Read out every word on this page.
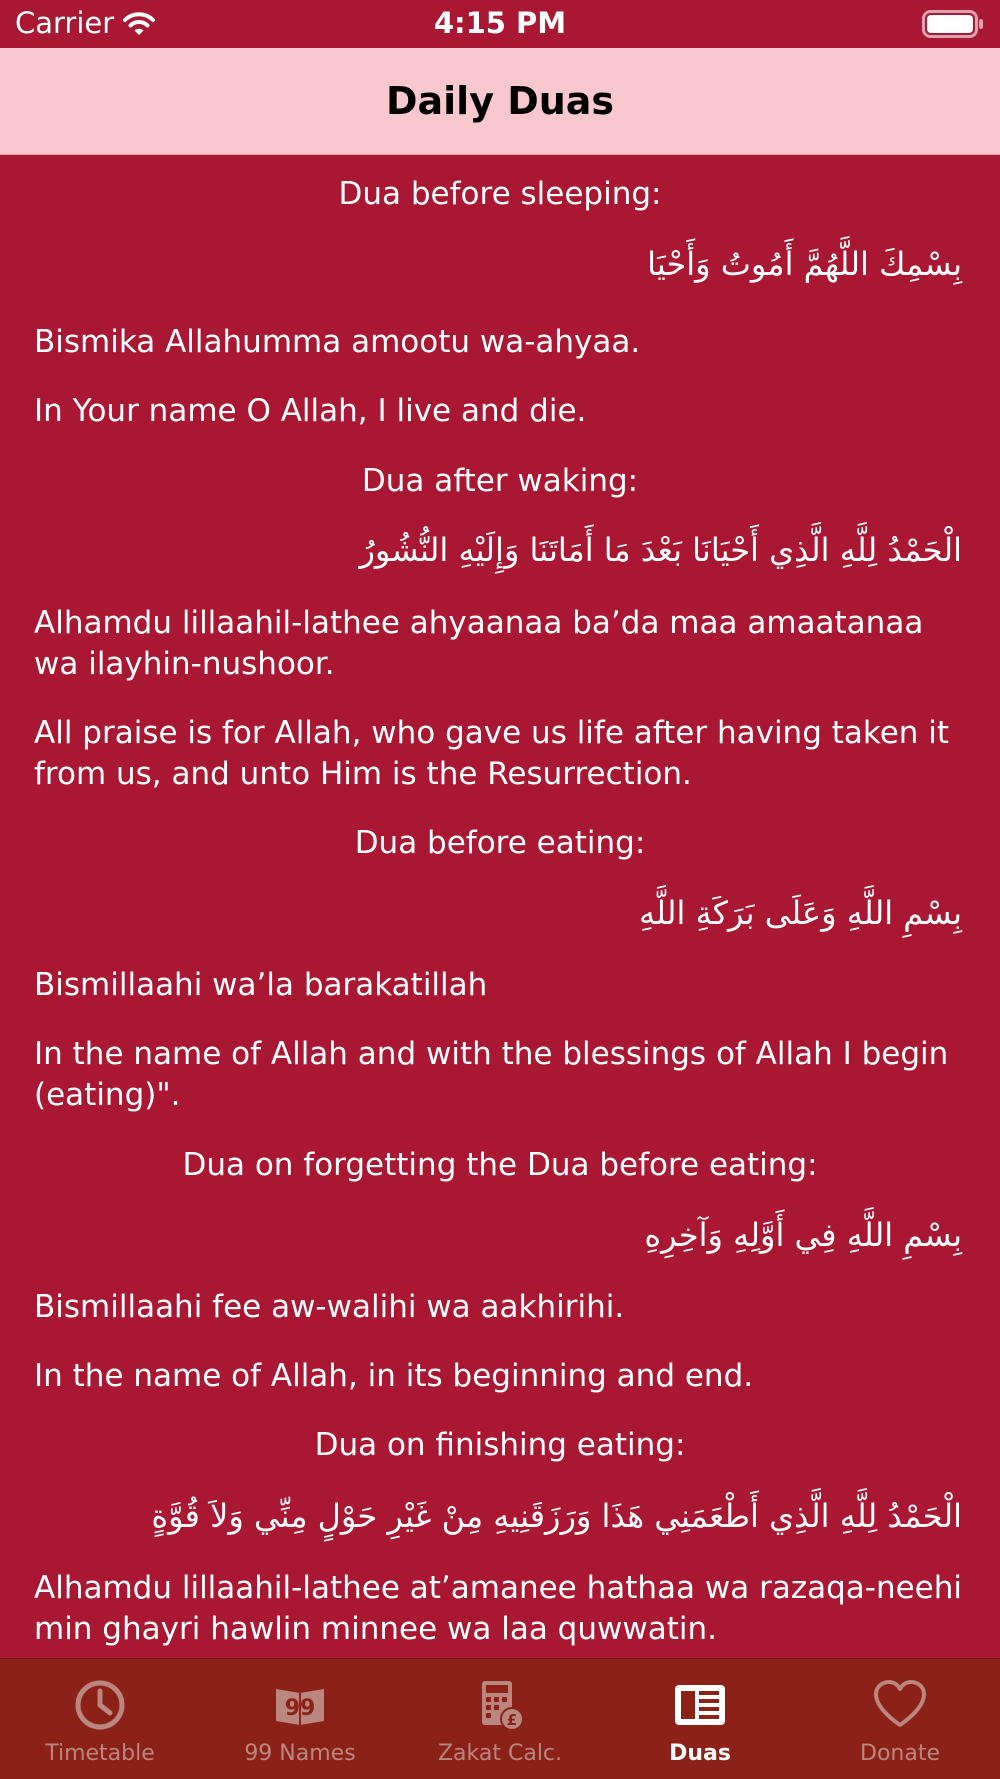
Carrier	4:15 PM
Daily Duas
Dua before sleeping:
بِسْمِكَ اللَّهُمَّ أَمُوتُ وَأَحْيَا
Bismika Allahumma amootu wa-ahyaa.
In Your name O Allah, I live and die.
Dua after waking:
الْحَمْدُ لِلَّهِ الَّذِي أَحْيَانَا بَعْدَ مَا أَمَاتَنَا وَإِلَيْهِ النُّشُورُ
Alhamdu lillaahil-lathee ahyaanaa ba’da maa amaatanaa wa ilayhin-nushoor.
All praise is for Allah, who gave us life after having taken it from us, and unto Him is the Resurrection.
Dua before eating:
بِسْمِ اللَّهِ وَعَلَى بَرَكَةِ اللَّهِ
Bismillaahi wa’la barakatillah
In the name of Allah and with the blessings of Allah I begin (eating)".
Dua on forgetting the Dua before eating:
بِسْمِ اللَّهِ فِي أَوَّلِهِ وَآخِرِهِ
Bismillaahi fee aw-walihi wa aakhirihi.
In the name of Allah, in its beginning and end.
Dua on finishing eating:
الْحَمْدُ لِلَّهِ الَّذِي أَطْعَمَنِي هَذَا وَرَزَقَنِيهِ مِنْ غَيْرِ حَوْلٍ مِنِّي وَلاَ قُوَّةٍ
Alhamdu lillaahil-lathee at’amanee hathaa wa razaqa-neehi min ghayri hawlin minnee wa laa quwwatin.
Timetable
99
99 Names
£
Zakat Calc.	Duas	Donate
